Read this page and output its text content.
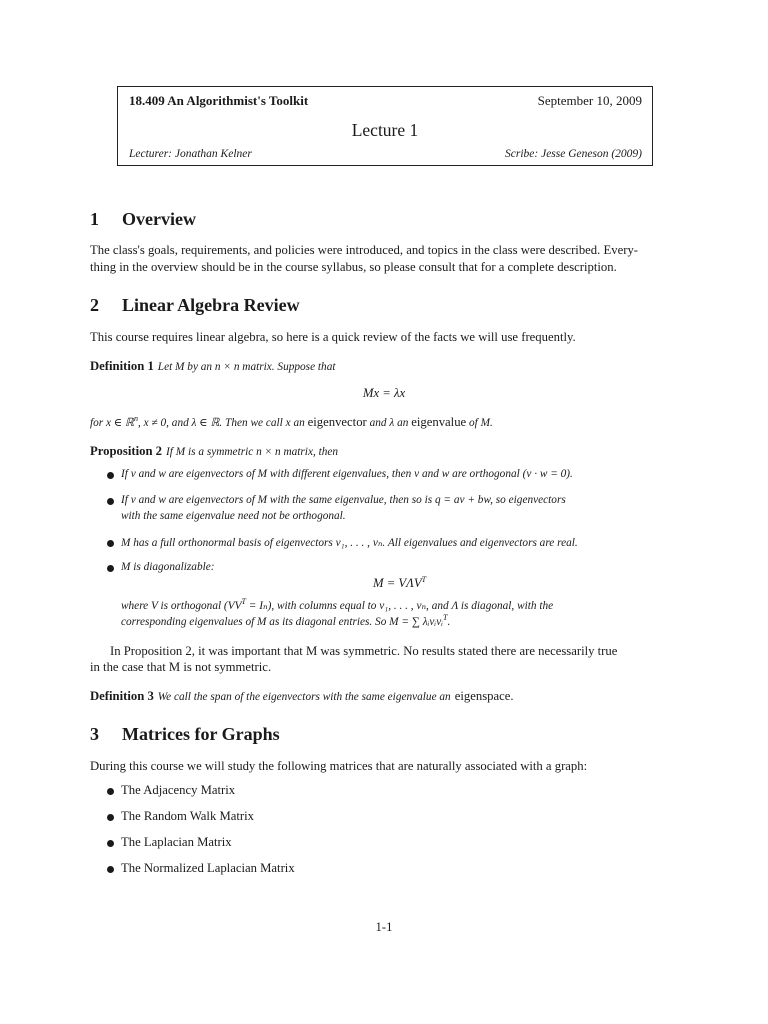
18.409 An Algorithmist's Toolkit	September 10, 2009
Lecture 1
Lecturer: Jonathan Kelner	Scribe: Jesse Geneson (2009)
1 Overview
The class's goals, requirements, and policies were introduced, and topics in the class were described. Every-
thing in the overview should be in the course syllabus, so please consult that for a complete description.
2 Linear Algebra Review
This course requires linear algebra, so here is a quick review of the facts we will use frequently.
Definition 1 Let M by an n × n matrix. Suppose that
Mx = λx
for x ∈ ℝ$^n$, x ≠ 0, and λ ∈ ℝ. Then we call x an eigenvector and λ an eigenvalue of M.
Proposition 2 If M is a symmetric n × n matrix, then
If v and w are eigenvectors of M with different eigenvalues, then v and w are orthogonal (v · w = 0).
If v and w are eigenvectors of M with the same eigenvalue, then so is q = av + bw, so eigenvectors
with the same eigenvalue need not be orthogonal.
M has a full orthonormal basis of eigenvectors v₁, . . . , vₙ. All eigenvalues and eigenvectors are real.
M is diagonalizable:
$M = V\Lambda V^T$
where V is orthogonal $(VV^T = I_n)$, with columns equal to v₁, . . . , vₙ, and Λ is diagonal, with the
corresponding eigenvalues of M as its diagonal entries. So M = ∑ λᵢvᵢvᵢ$^T$.
In Proposition 2, it was important that M was symmetric. No results stated there are necessarily true
in the case that M is not symmetric.
Definition 3 We call the span of the eigenvectors with the same eigenvalue an eigenspace.
3 Matrices for Graphs
During this course we will study the following matrices that are naturally associated with a graph:
The Adjacency Matrix
The Random Walk Matrix
The Laplacian Matrix
The Normalized Laplacian Matrix
1-1
